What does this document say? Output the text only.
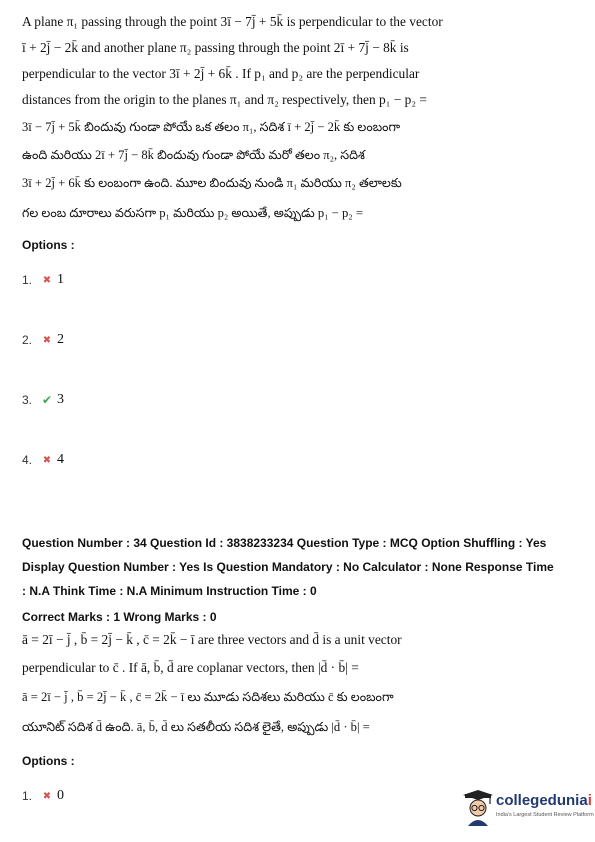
A plane π₁ passing through the point 3ī − 7j̄ + 5k̄ is perpendicular to the vector
ī + 2j̄ − 2k̄ and another plane π₂ passing through the point 2ī + 7j̄ − 8k̄ is
perpendicular to the vector 3ī + 2j̄ + 6k̄ . If p₁ and p₂ are the perpendicular
distances from the origin to the planes π₁ and π₂ respectively, then p₁ − p₂ =
3ī − 7j̄ + 5k̄ బిందువు గుండా పోయే ఒక తలం π₁, సదిశ ī + 2j̄ − 2k̄ కు లంబంగా
ఉంది మరియు 2ī + 7j̄ − 8k̄ బిందువు గుండా పోయే మరో తలం π₂, సదిశ
3ī + 2j̄ + 6k̄ కు లంబంగా ఉంది. మూల బిందువు నుండి π₁ మరియు π₂ తలాలకు
గల లంబ దూరాలు వరుసగా p₁ మరియు p₂ అయితే, అప్పుడు p₁ − p₂ =
Options :
1.	✖ 1
2.	✖ 2
3. ✔ 3
4.	✖ 4
Question Number : 34 Question Id : 3838233234 Question Type : MCQ Option Shuffling : Yes
Display Question Number : Yes Is Question Mandatory : No Calculator : None Response Time
: N.A Think Time : N.A Minimum Instruction Time : 0
Correct Marks : 1 Wrong Marks : 0
ā = 2ī − j̄ , b̄ = 2j̄ − k̄ , c̄ = 2k̄ − ī are three vectors and d̄ is a unit vector
perpendicular to c̄ . If ā, b̄, d̄ are coplanar vectors, then |d̄ · b̄| =
ā = 2ī − j̄ , b̄ = 2j̄ − k̄ , c̄ = 2k̄ − ī లు మూడు సదిశలు మరియు c̄ కు లంబంగా
యూనిట్ సదిశ d̄ ఉంది. ā, b̄, d̄ లు సతలీయ సదిశ లైతే, అప్పుడు |d̄ · b̄| =
Options :
1.	✖ 0	collegeduniai
India's Largest Student Review Platform
